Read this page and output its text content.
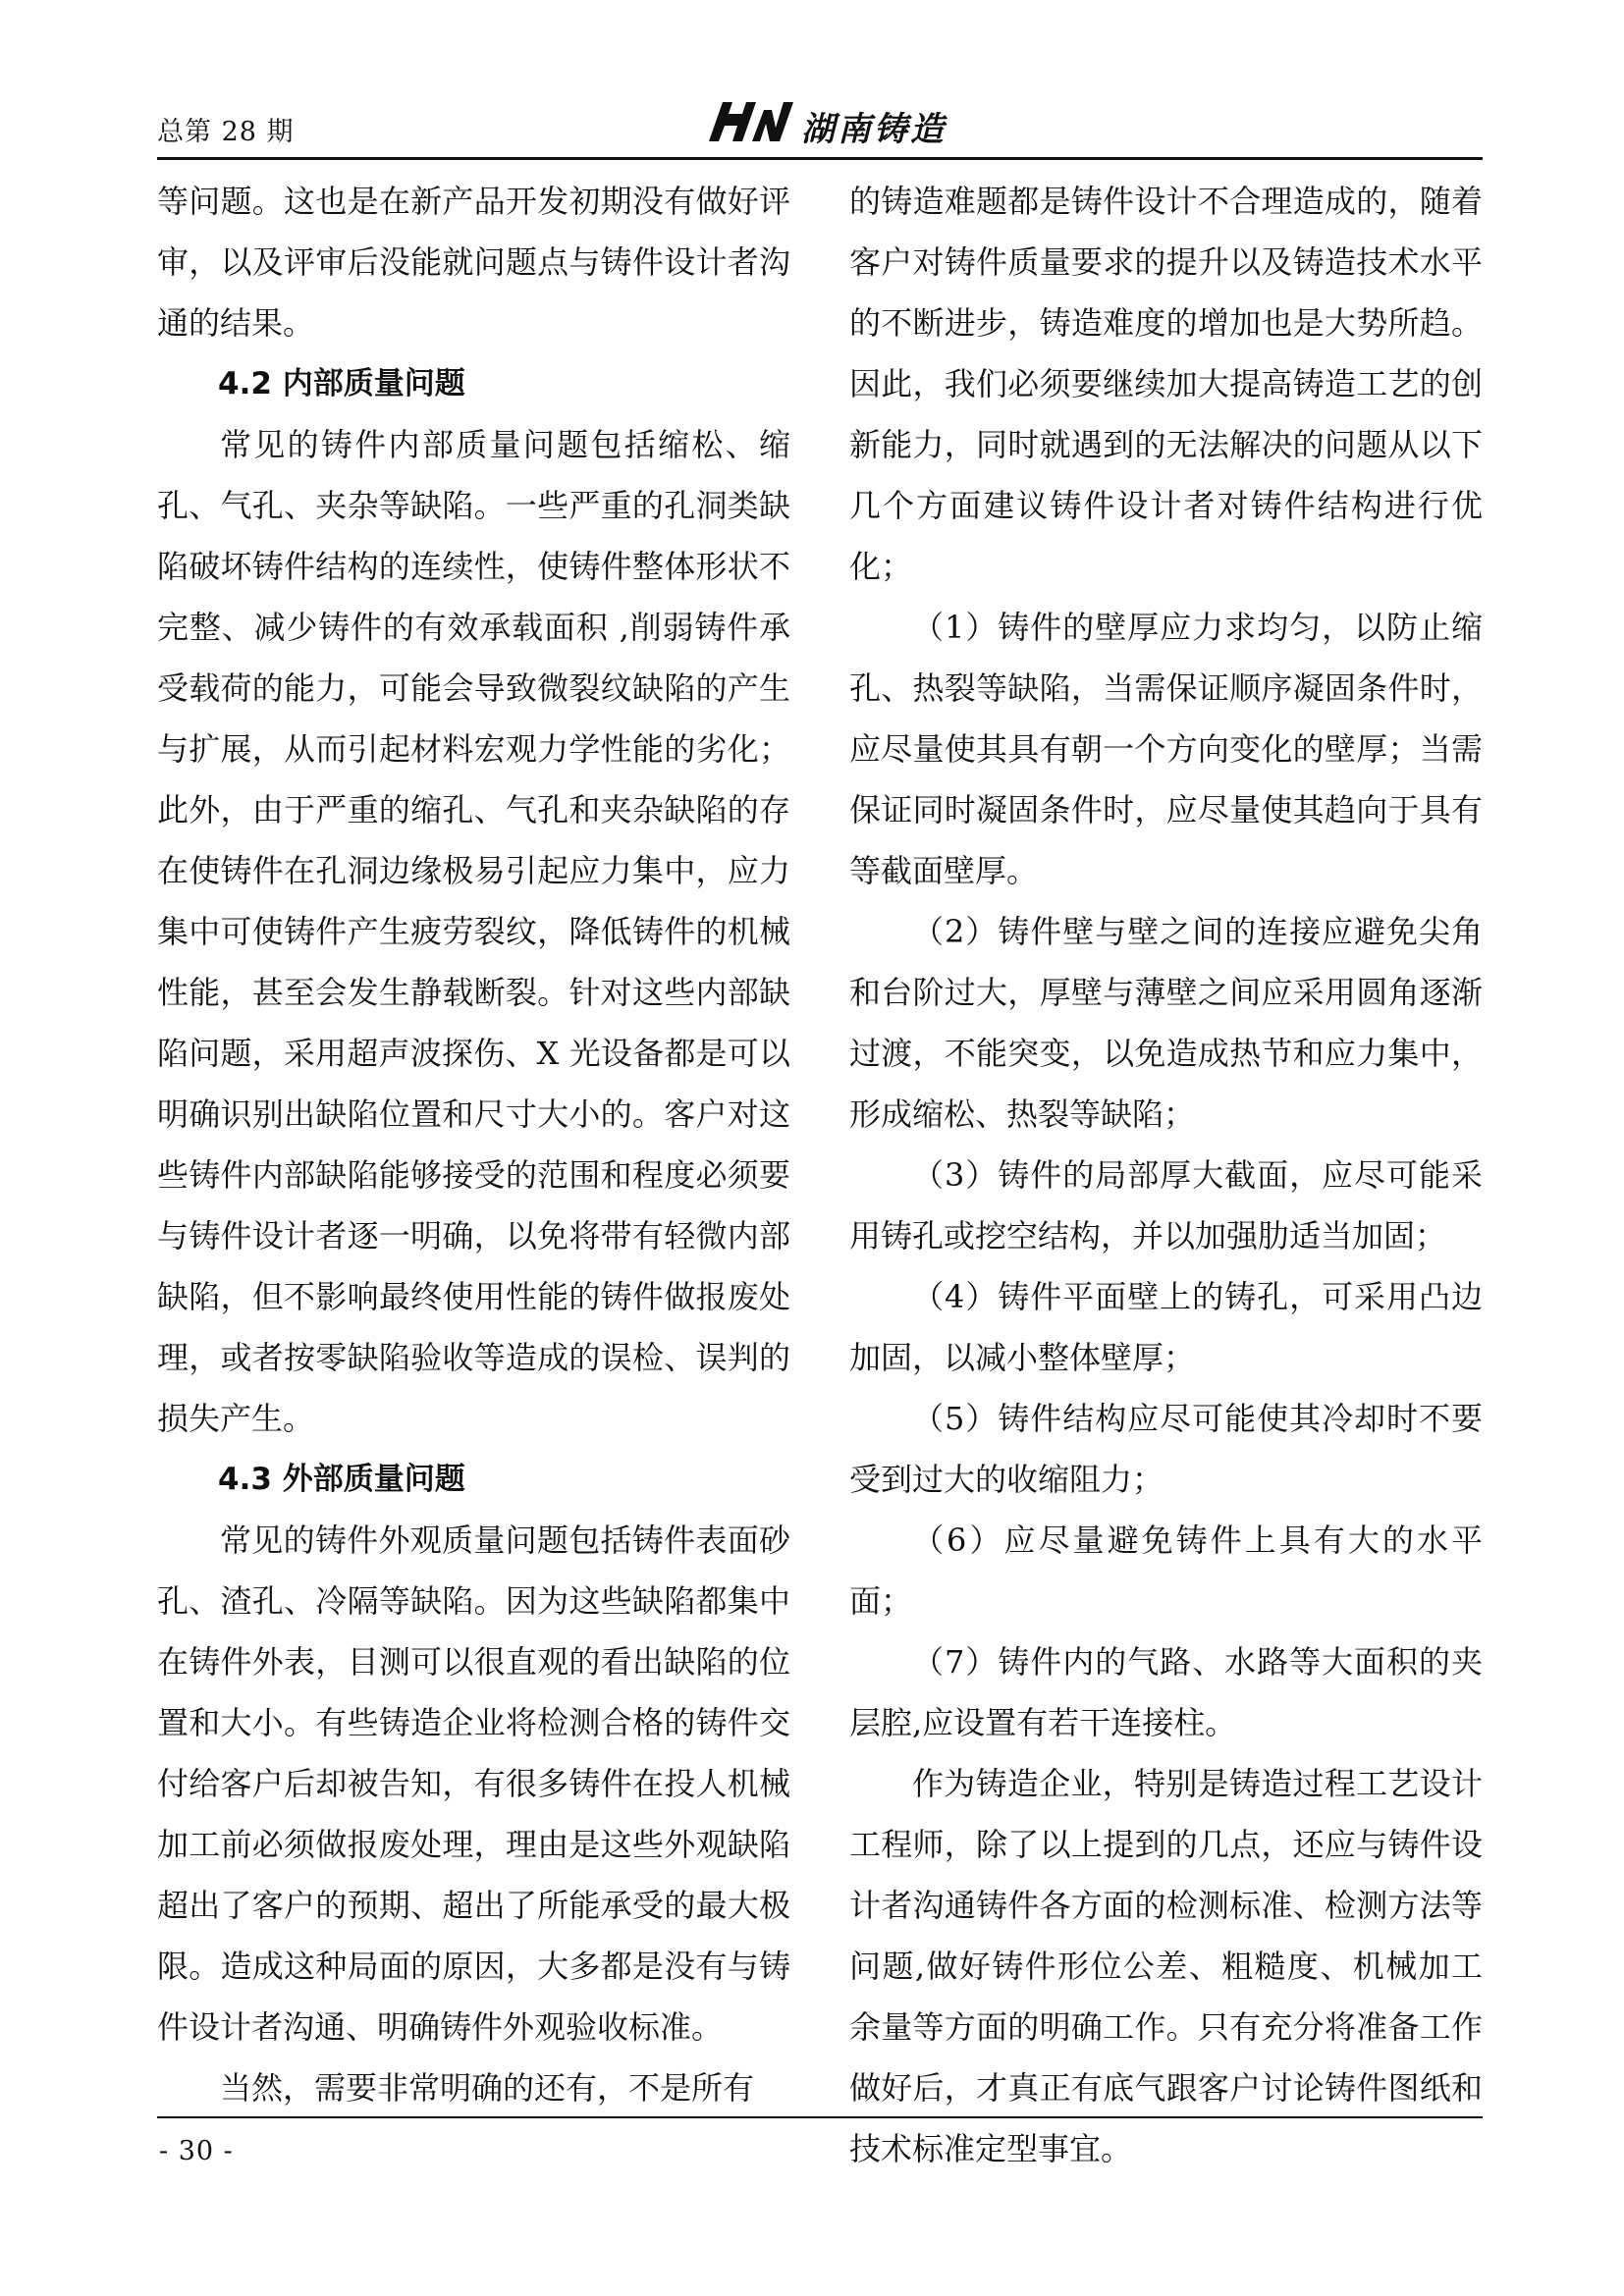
总第 28 期	湖南铸造

等问题。这也是在新产品开发初期没有做好评审，以及评审后没能就问题点与铸件设计者沟通的结果。

4.2 内部质量问题

常见的铸件内部质量问题包括缩松、缩孔、气孔、夹杂等缺陷。一些严重的孔洞类缺陷破坏铸件结构的连续性，使铸件整体形状不完整、减少铸件的有效承载面积 ,削弱铸件承受载荷的能力，可能会导致微裂纹缺陷的产生与扩展，从而引起材料宏观力学性能的劣化；此外，由于严重的缩孔、气孔和夹杂缺陷的存在使铸件在孔洞边缘极易引起应力集中，应力集中可使铸件产生疲劳裂纹，降低铸件的机械性能，甚至会发生静载断裂。针对这些内部缺陷问题，采用超声波探伤、X 光设备都是可以明确识别出缺陷位置和尺寸大小的。客户对这些铸件内部缺陷能够接受的范围和程度必须要与铸件设计者逐一明确，以免将带有轻微内部缺陷，但不影响最终使用性能的铸件做报废处理，或者按零缺陷验收等造成的误检、误判的损失产生。

4.3 外部质量问题

常见的铸件外观质量问题包括铸件表面砂孔、渣孔、冷隔等缺陷。因为这些缺陷都集中在铸件外表，目测可以很直观的看出缺陷的位置和大小。有些铸造企业将检测合格的铸件交付给客户后却被告知，有很多铸件在投人机械加工前必须做报废处理，理由是这些外观缺陷超出了客户的预期、超出了所能承受的最大极限。造成这种局面的原因，大多都是没有与铸件设计者沟通、明确铸件外观验收标准。

当然，需要非常明确的还有，不是所有

的铸造难题都是铸件设计不合理造成的，随着客户对铸件质量要求的提升以及铸造技术水平的不断进步，铸造难度的增加也是大势所趋。因此，我们必须要继续加大提高铸造工艺的创新能力，同时就遇到的无法解决的问题从以下几个方面建议铸件设计者对铸件结构进行优化；

（1）铸件的壁厚应力求均匀，以防止缩孔、热裂等缺陷，当需保证顺序凝固条件时，应尽量使其具有朝一个方向变化的壁厚；当需保证同时凝固条件时，应尽量使其趋向于具有等截面壁厚。

（2）铸件壁与壁之间的连接应避免尖角和台阶过大，厚壁与薄壁之间应采用圆角逐渐过渡，不能突变，以免造成热节和应力集中，形成缩松、热裂等缺陷；

（3）铸件的局部厚大截面，应尽可能采用铸孔或挖空结构，并以加强肋适当加固；

（4）铸件平面壁上的铸孔，可采用凸边加固，以减小整体壁厚；

（5）铸件结构应尽可能使其冷却时不要受到过大的收缩阻力；

（6）应尽量避免铸件上具有大的水平面；

（7）铸件内的气路、水路等大面积的夹层腔,应设置有若干连接柱。

作为铸造企业，特别是铸造过程工艺设计工程师，除了以上提到的几点，还应与铸件设计者沟通铸件各方面的检测标准、检测方法等问题,做好铸件形位公差、粗糙度、机械加工余量等方面的明确工作。只有充分将准备工作做好后，才真正有底气跟客户讨论铸件图纸和技术标准定型事宜。

- 30 -
